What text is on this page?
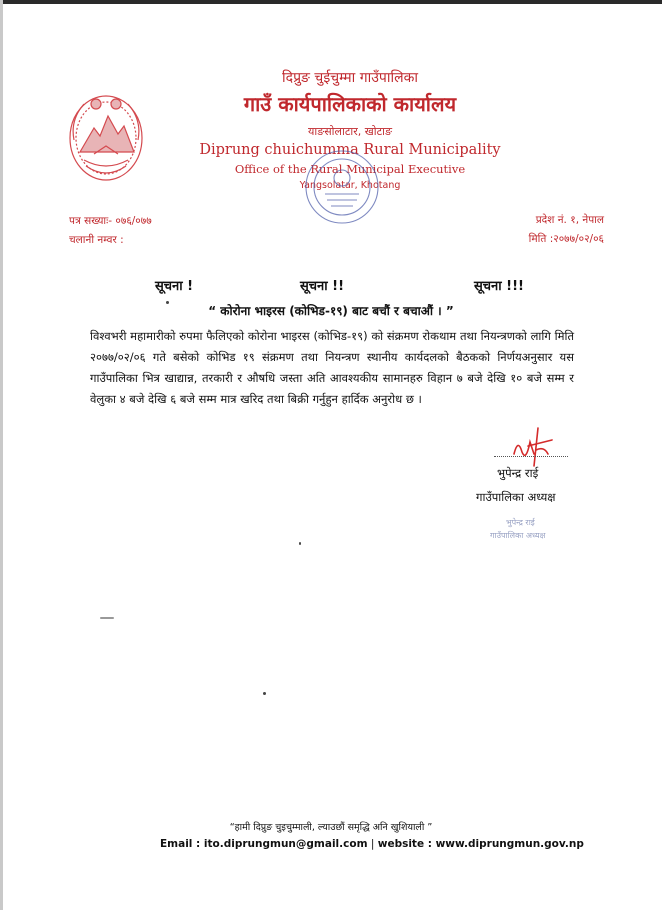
दिप्रुङ चुईचुम्मा गाउँपालिका
गाउँ कार्यपालिकाको कार्यालय
याङसोलाटार, खोटाङ
Diprung chuichumma Rural Municipality
Office of the Rural Municipal Executive
Yangsolatar, Khotang
पत्र सख्याः- ०७६/०७७
चलानी नम्वर :
प्रदेश नं. १, नेपाल
मिति :२०७७/०२/०६
सूचना !	सूचना !!	सूचना !!!
“ कोरोना भाइरस (कोभिड-१९) बाट बचौं र बचाऔं । ”
विश्वभरी महामारीको रुपमा फैलिएको कोरोना भाइरस (कोभिड-१९) को संक्रमण रोकथाम तथा नियन्त्रणको लागि मिति २०७७/०२/०६ गते बसेको कोभिड १९ संक्रमण तथा नियन्त्रण स्थानीय कार्यदलको बैठकको निर्णयअनुसार यस गाउँपालिका भित्र खाद्यान्न, तरकारी र औषधि जस्ता अति आवश्यकीय सामानहरु विहान ७ बजे देखि १० बजे सम्म र वेलुका ४ बजे देखि ६ बजे सम्म मात्र खरिद तथा बिक्री गर्नुहुन हार्दिक अनुरोध छ ।
भुपेन्द्र राई
गाउँपालिका अध्यक्ष
भुपेन्द्र राई
गाउँपालिका अध्यक्ष
“हामी दिप्रुङ चुइचुम्माली, ल्याउछौं समृद्धि अनि खुशियाली ”
Email : ito.diprungmun@gmail.com | website : www.diprungmun.gov.np
